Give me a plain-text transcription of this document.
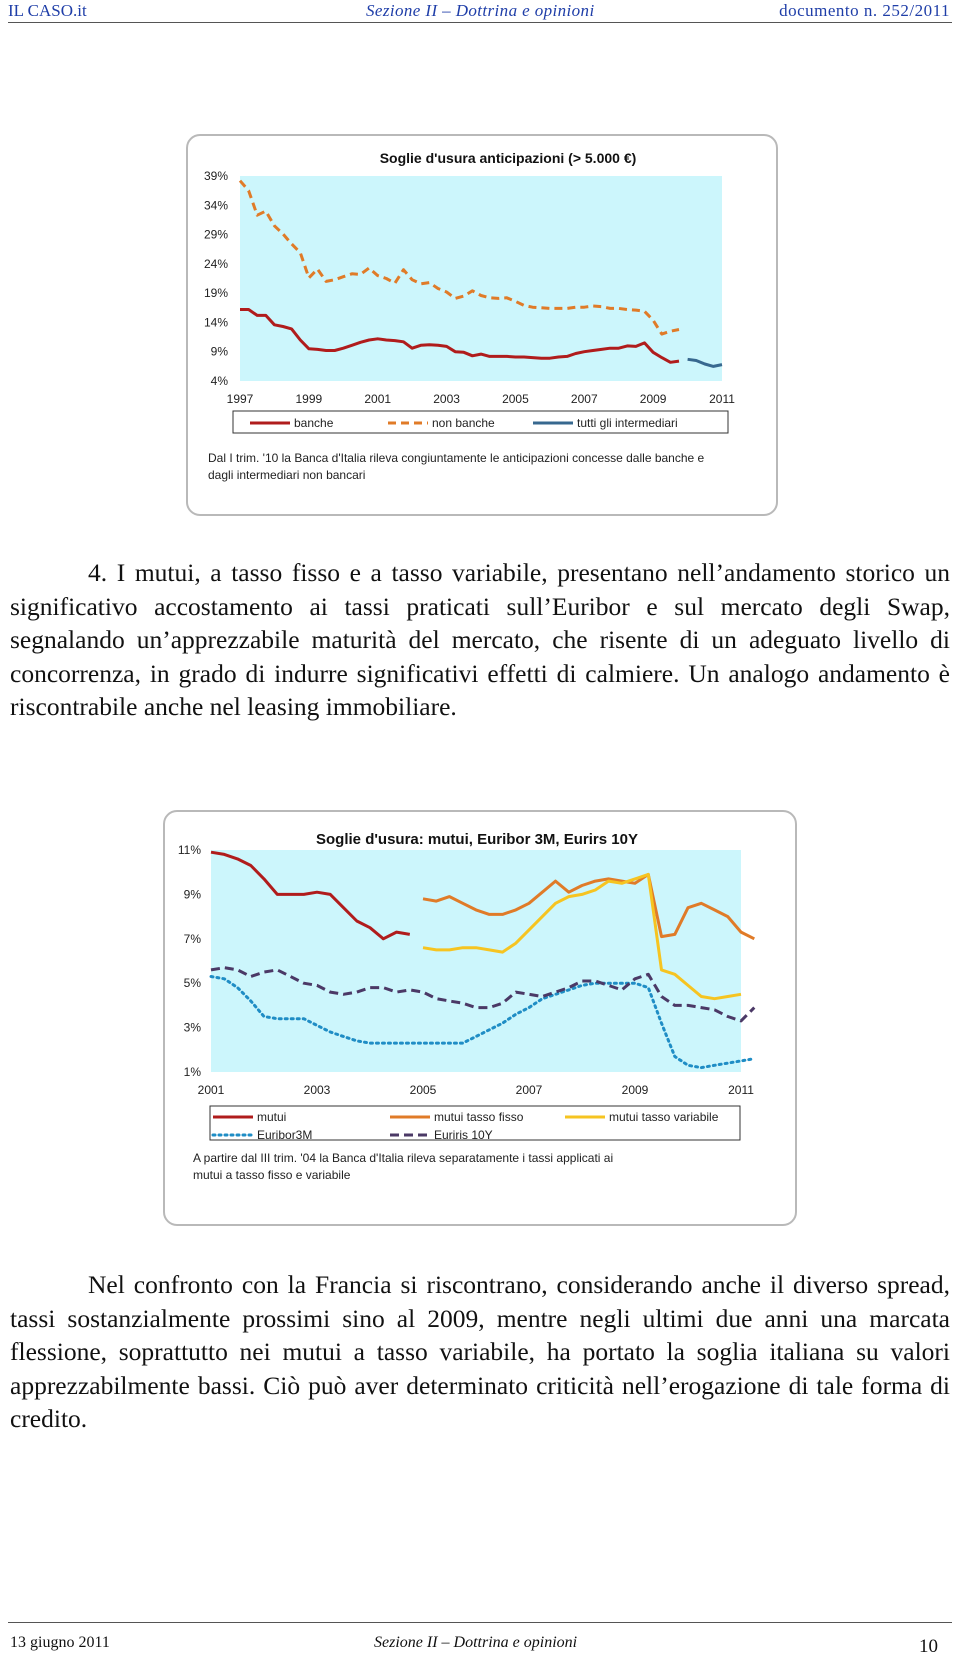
IL CASO.it	Sezione II – Dottrina e opinioni	documento n. 252/2011
Soglie d'usura anticipazioni (> 5.000 €)
39%
34%
29%
24%
19%
14%
9%
4%
1997	1999	2001	2003	2005	2007	2009	2011
banche	non banche	tutti gli intermediari
Dal I trim. '10 la Banca d'Italia rileva congiuntamente le anticipazioni concesse dalle banche e
dagli intermediari non bancari

4. I mutui, a tasso fisso e a tasso variabile, presentano nell’andamento storico un significativo accostamento ai tassi praticati sull’Euribor e sul mercato degli Swap, segnalando un’apprezzabile maturità del mercato, che risente di un adeguato livello di concorrenza, in grado di indurre significativi effetti di calmiere. Un analogo andamento è riscontrabile anche nel leasing immobiliare.

Soglie d'usura: mutui, Euribor 3M, Eurirs 10Y
11%
9%
7%
5%
3%
1%
2001	2003	2005	2007	2009	2011
mutui	mutui tasso fisso	mutui tasso variabile
Euribor3M	Euriris 10Y
A partire dal III trim. '04 la Banca d'Italia rileva separatamente i tassi applicati ai
mutui a tasso fisso e variabile

Nel confronto con la Francia si riscontrano, considerando anche il diverso spread, tassi sostanzialmente prossimi sino al 2009, mentre negli ultimi due anni una marcata flessione, soprattutto nei mutui a tasso variabile, ha portato la soglia italiana su valori apprezzabilmente bassi. Ciò può aver determinato criticità nell’erogazione di tale forma di credito.

13 giugno 2011	Sezione II – Dottrina e opinioni	10
